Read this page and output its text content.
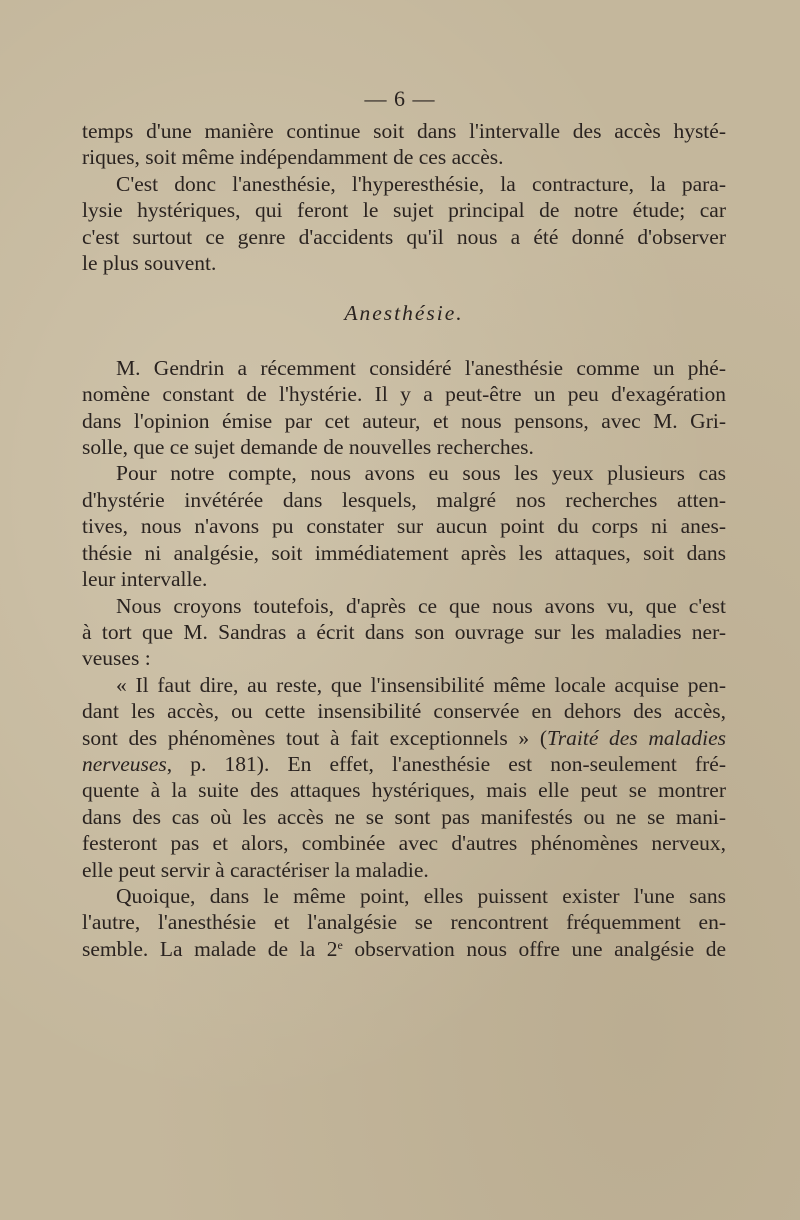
— 6 —
temps d'une manière continue soit dans l'intervalle des accès hysté-
riques, soit même indépendamment de ces accès.
C'est donc l'anesthésie, l'hyperesthésie, la contracture, la para-
lysie hystériques, qui feront le sujet principal de notre étude; car
c'est surtout ce genre d'accidents qu'il nous a été donné d'observer
le plus souvent.
Anesthésie.
M. Gendrin a récemment considéré l'anesthésie comme un phé-
nomène constant de l'hystérie. Il y a peut-être un peu d'exagération
dans l'opinion émise par cet auteur, et nous pensons, avec M. Gri-
solle, que ce sujet demande de nouvelles recherches.
Pour notre compte, nous avons eu sous les yeux plusieurs cas
d'hystérie invétérée dans lesquels, malgré nos recherches atten-
tives, nous n'avons pu constater sur aucun point du corps ni anes-
thésie ni analgésie, soit immédiatement après les attaques, soit dans
leur intervalle.
Nous croyons toutefois, d'après ce que nous avons vu, que c'est
à tort que M. Sandras a écrit dans son ouvrage sur les maladies ner-
veuses :
« Il faut dire, au reste, que l'insensibilité même locale acquise pen-
dant les accès, ou cette insensibilité conservée en dehors des accès,
sont des phénomènes tout à fait exceptionnels » (Traité des maladies
nerveuses, p. 181). En effet, l'anesthésie est non-seulement fré-
quente à la suite des attaques hystériques, mais elle peut se montrer
dans des cas où les accès ne se sont pas manifestés ou ne se mani-
festeront pas et alors, combinée avec d'autres phénomènes nerveux,
elle peut servir à caractériser la maladie.
Quoique, dans le même point, elles puissent exister l'une sans
l'autre, l'anesthésie et l'analgésie se rencontrent fréquemment en-
semble. La malade de la 2e observation nous offre une analgésie de
